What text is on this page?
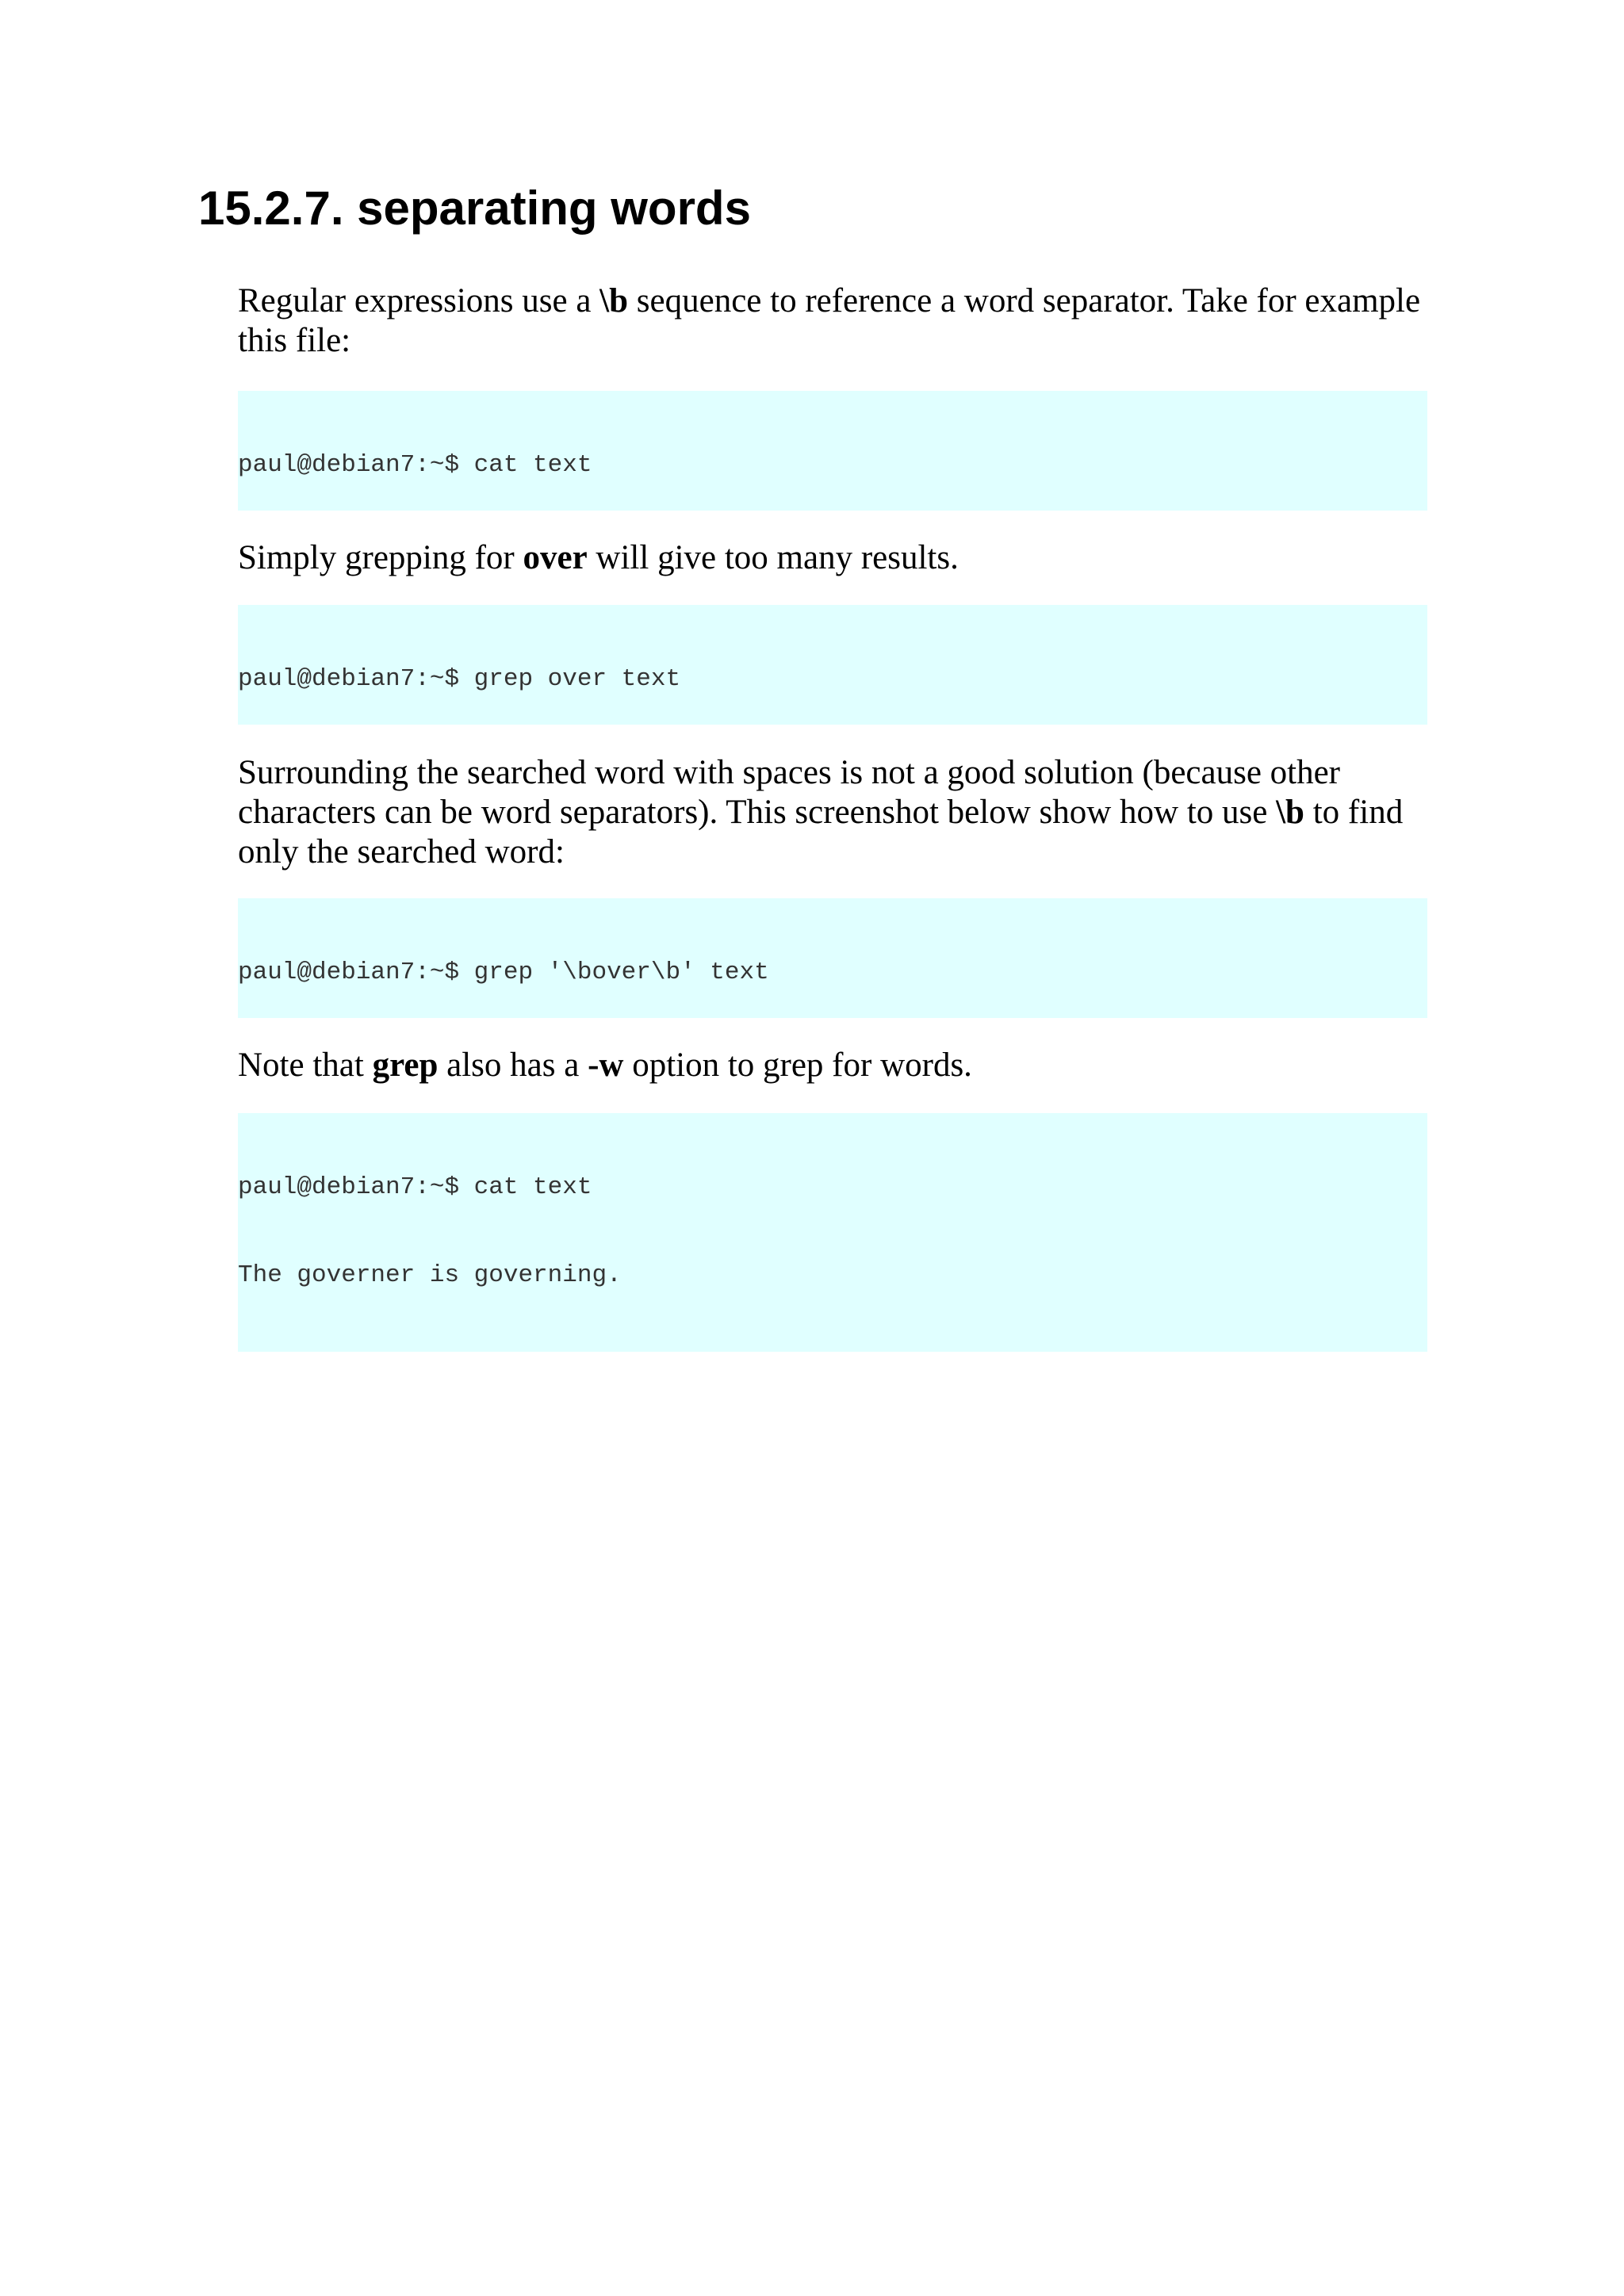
15.2.7. separating words

Regular expressions use a \b sequence to reference a word separator. Take for example this file:

paul@debian7:~$ cat text

Simply grepping for over will give too many results.

paul@debian7:~$ grep over text

Surrounding the searched word with spaces is not a good solution (because other characters can be word separators). This screenshot below show how to use \b to find only the searched word:

paul@debian7:~$ grep '\bover\b' text

Note that grep also has a -w option to grep for words.

paul@debian7:~$ cat text

The governer is governing.
